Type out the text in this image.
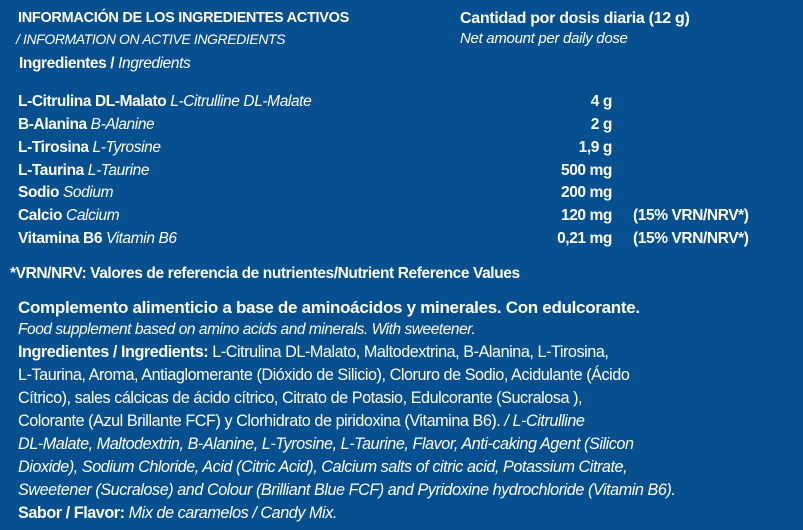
INFORMACIÓN DE LOS INGREDIENTES ACTIVOS
/ INFORMATION ON ACTIVE INGREDIENTS
Cantidad por dosis diaria (12 g)
Net amount per daily dose
Ingredientes / Ingredients
L-Citrulina DL-Malato L-Citrulline DL-Malate	4 g
B-Alanina B-Alanine	2 g
L-Tirosina L-Tyrosine	1,9 g
L-Taurina L-Taurine	500 mg
Sodio Sodium	200 mg
Calcio Calcium	120 mg (15% VRN/NRV*)
Vitamina B6 Vitamin B6	0,21 mg (15% VRN/NRV*)
*VRN/NRV: Valores de referencia de nutrientes/Nutrient Reference Values
Complemento alimenticio a base de aminoácidos y minerales. Con edulcorante.
Food supplement based on amino acids and minerals. With sweetener.
Ingredientes / Ingredients: L-Citrulina DL-Malato, Maltodextrina, B-Alanina, L-Tirosina,
L-Taurina, Aroma, Antiaglomerante (Dióxido de Silicio), Cloruro de Sodio, Acidulante (Ácido
Cítrico), sales cálcicas de ácido cítrico, Citrato de Potasio, Edulcorante (Sucralosa ),
Colorante (Azul Brillante FCF) y Clorhidrato de piridoxina (Vitamina B6). / L-Citrulline
DL-Malate, Maltodextrin, B-Alanine, L-Tyrosine, L-Taurine, Flavor, Anti-caking Agent (Silicon
Dioxide), Sodium Chloride, Acid (Citric Acid), Calcium salts of citric acid, Potassium Citrate,
Sweetener (Sucralose) and Colour (Brilliant Blue FCF) and Pyridoxine hydrochloride (Vitamin B6).
Sabor / Flavor: Mix de caramelos / Candy Mix.
